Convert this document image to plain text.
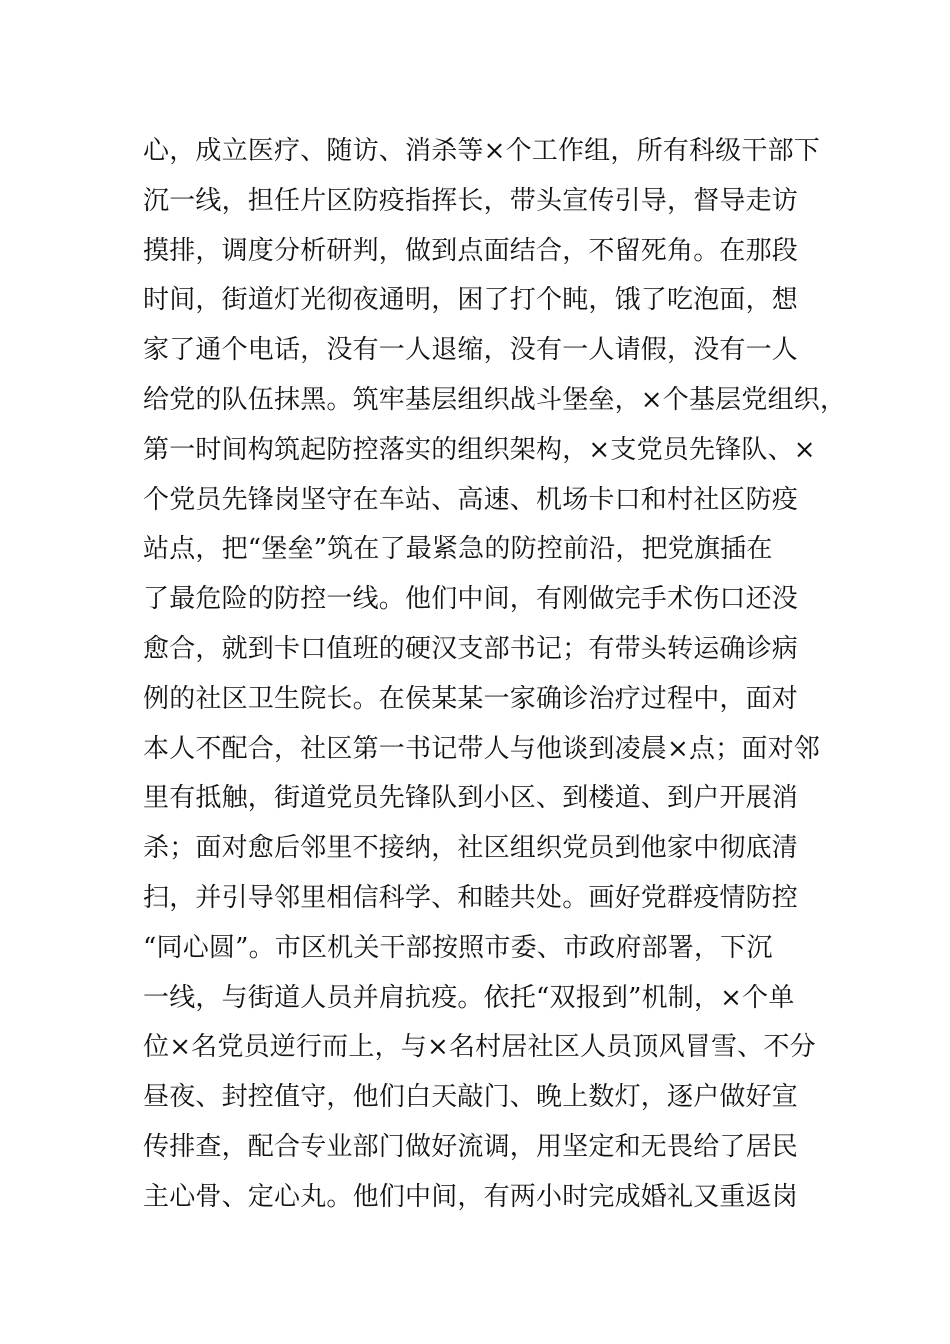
心，成立医疗、随访、消杀等×个工作组，所有科级干部下
沉一线，担任片区防疫指挥长，带头宣传引导，督导走访
摸排，调度分析研判，做到点面结合，不留死角。在那段
时间，街道灯光彻夜通明，困了打个盹，饿了吃泡面，想
家了通个电话，没有一人退缩，没有一人请假，没有一人
给党的队伍抹黑。筑牢基层组织战斗堡垒，×个基层党组织，
第一时间构筑起防控落实的组织架构，×支党员先锋队、×
个党员先锋岗坚守在车站、高速、机场卡口和村社区防疫
站点，把“堡垒”筑在了最紧急的防控前沿，把党旗插在
了最危险的防控一线。他们中间，有刚做完手术伤口还没
愈合，就到卡口值班的硬汉支部书记；有带头转运确诊病
例的社区卫生院长。在侯某某一家确诊治疗过程中，面对
本人不配合，社区第一书记带人与他谈到凌晨×点；面对邻
里有抵触，街道党员先锋队到小区、到楼道、到户开展消
杀；面对愈后邻里不接纳，社区组织党员到他家中彻底清
扫，并引导邻里相信科学、和睦共处。画好党群疫情防控
“同心圆”。市区机关干部按照市委、市政府部署，下沉
一线，与街道人员并肩抗疫。依托“双报到”机制，×个单
位×名党员逆行而上，与×名村居社区人员顶风冒雪、不分
昼夜、封控值守，他们白天敲门、晚上数灯，逐户做好宣
传排查，配合专业部门做好流调，用坚定和无畏给了居民
主心骨、定心丸。他们中间，有两小时完成婚礼又重返岗
